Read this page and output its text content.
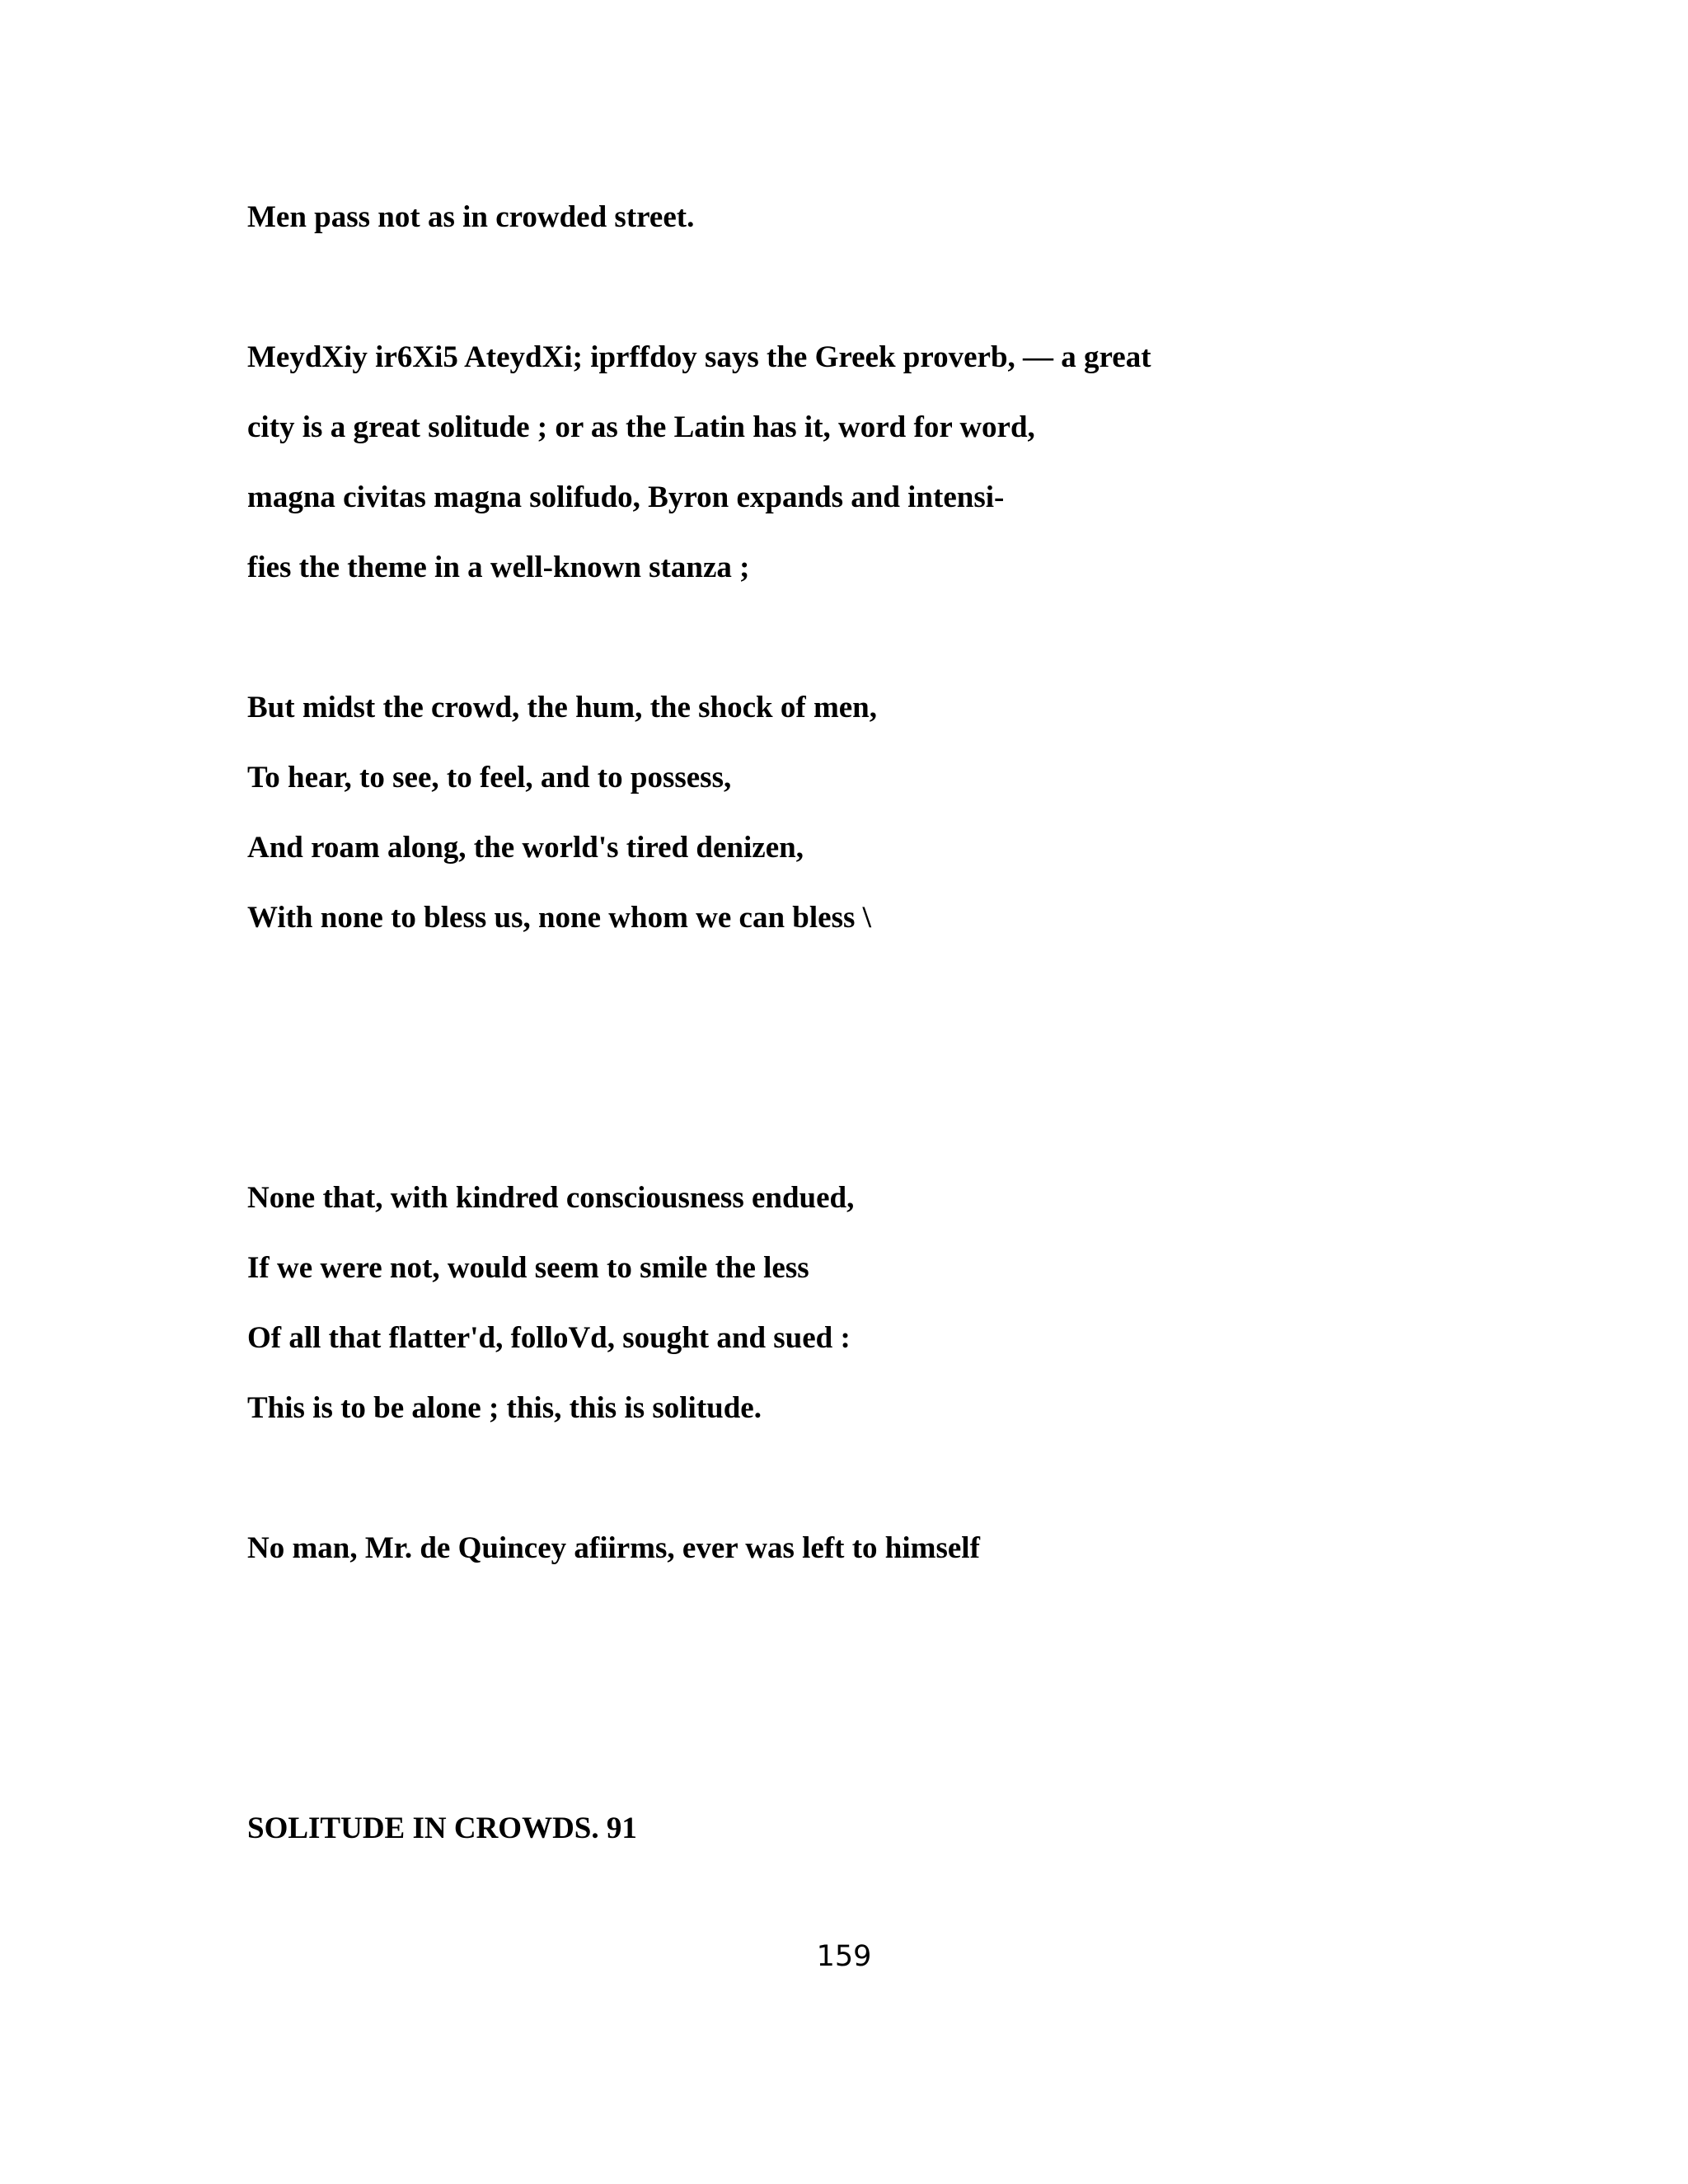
Men pass not as in crowded street.
MeydXiy ir6Xi5 AteydXi; iprffdoy says the Greek proverb, — a great
city is a great solitude ; or as the Latin has it, word for word,
magna civitas magna solifudo, Byron expands and intensi-
fies the theme in a well-known stanza ;
But midst the crowd, the hum, the shock of men,
To hear, to see, to feel, and to possess,
And roam along, the world's tired denizen,
With none to bless us, none whom we can bless \
None that, with kindred consciousness endued,
If we were not, would seem to smile the less
Of all that flatter'd, folloVd, sought and sued :
This is to be alone ; this, this is solitude.
No man, Mr. de Quincey afiirms, ever was left to himself
SOLITUDE IN CROWDS. 91
159
